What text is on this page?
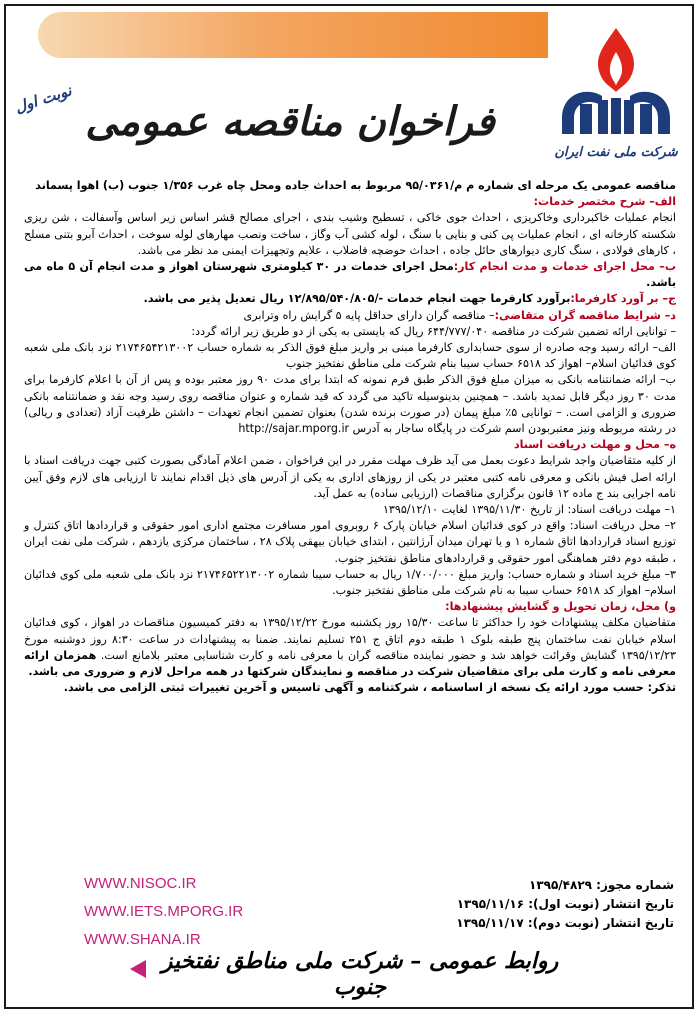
شرکت ملی نفت ایران
نوبت اول فراخوان مناقصه عمومی

مناقصه عمومی یک مرحله ای شماره م م/۹۵/۰۳۶۱ مربوط به احداث جاده ومحل چاه غرب ۱/۳۵۶ جنوب (ب) اهوا پسماند

الف– شرح مختصر خدمات:

انجام عملیات خاکبرداری وخاکریزی ، احداث جوی خاکی ، تسطیح وشیب بندی ، اجرای مصالح قشر اساس زیر اساس وآسفالت ، شن ریزی شکسته کارخانه ای ، انجام عملیات پی کنی و بنایی با سنگ ، لوله کشی آب وگاز ، ساخت ونصب مهارهای لوله سوخت ، احداث آبرو بتنی مسلح ، کارهای فولادی ، سنگ کاری دیوارهای حائل جاده ، احداث حوضچه فاضلاب ، علایم وتجهیزات ایمنی مد نظر می باشد.

ب– محل اجرای خدمات و مدت انجام کار:محل اجرای خدمات در ۳۰ کیلومتری شهرستان اهواز و مدت انجام آن ۵ ماه می باشد.

ج– بر آورد کارفرما:برآورد کارفرما جهت انجام خدمات -/۱۲/۸۹۵/۵۴۰/۸۰۵ ریال تعدیل پذیر می باشد.

د– شرایط مناقصه گران متقاضی:– مناقصه گران دارای حداقل پایه ۵ گرایش راه وترابری

– توانایی ارائه تضمین شرکت در مناقصه ۶۴۴/۷۷۷/۰۴۰ ریال که بایستی به یکی از دو طریق زیر ارائه گردد:

الف– ارائه رسید وجه صادره از سوی حسابداری کارفرما مبنی بر واریز مبلغ فوق الذکر به شماره حساب ۲۱۷۴۶۵۴۲۱۳۰۰۲ نزد بانک ملی شعبه کوی فدائیان اسلام– اهواز کد ۶۵۱۸ حساب سیبا بنام شرکت ملی مناطق نفتخیز جنوب

ب– ارائه ضمانتنامه بانکی به میزان مبلغ فوق الذکر طبق فرم نمونه که ابتدا برای مدت ۹۰ روز معتبر بوده و پس از آن با اعلام کارفرما برای مدت ۳۰ روز دیگر قابل تمدید باشد. – همچنین بدینوسیله تاکید می گردد که قید شماره و عنوان مناقصه روی رسید وجه نقد و ضمانتنامه بانکی ضروری و الزامی است. – توانایی ۵٪ مبلغ پیمان (در صورت برنده شدن) بعنوان تضمین انجام تعهدات – داشتن ظرفیت آزاد (تعدادی و ریالی) در رشته مربوطه ونیز معتبربودن اسم شرکت در پایگاه ساجار به آدرس http://sajar.mporg.ir

ه– محل و مهلت دریافت اسناد

از کلیه متقاضیان واجد شرایط دعوت بعمل می آید ظرف مهلت مقرر در این فراخوان ، ضمن اعلام آمادگی بصورت کتبی جهت دریافت اسناد با ارائه اصل فیش بانکی و معرفی نامه کتبی معتبر در یکی از روزهای اداری به یکی از آدرس های ذیل اقدام نمایند تا ارزیابی های لازم وفق آیین نامه اجرایی بند ج ماده ۱۲ قانون برگزاری مناقصات (ارزیابی ساده) به عمل آید.

۱– مهلت دریافت اسناد: از تاریخ ۱۳۹۵/۱۱/۳۰ لغایت ۱۳۹۵/۱۲/۱۰

۲– محل دریافت اسناد: واقع در کوی فدائیان اسلام خیابان پارک ۶ روبروی امور مسافرت مجتمع اداری امور حقوقی و قراردادها اتاق کنترل و توزیع اسناد قراردادها اتاق شماره ۱ و یا تهران میدان آرژانتین ، ابتدای خیابان بیهقی پلاک ۲۸ ، ساختمان مرکزی یازدهم ، شرکت ملی نفت ایران ، طبقه دوم دفتر هماهنگی امور حقوقی و قراردادهای مناطق نفتخیز جنوب.

۳– مبلغ خرید اسناد و شماره حساب: واریز مبلغ ۱/۷۰۰/۰۰۰ ریال به حساب سیبا شماره ۲۱۷۴۶۵۲۲۱۳۰۰۲ نزد بانک ملی شعبه ملی کوی فدائیان اسلام– اهواز کد ۶۵۱۸ حساب سیبا به نام شرکت ملی مناطق نفتخیز جنوب.

و) محل، زمان تحویل و گشایش پیشنهادها:

متقاضیان مکلف پیشنهادات خود را حداکثر تا ساعت ۱۵/۳۰ روز یکشنبه مورخ ۱۳۹۵/۱۲/۲۲ به دفتر کمیسیون مناقصات در اهواز ، کوی فدائیان اسلام خیابان نفت ساختمان پنج طبقه بلوک ۱ طبقه دوم اتاق ج ۲۵۱ تسلیم نمایند. ضمنا به پیشنهادات در ساعت ۸:۳۰ روز دوشنبه مورخ ۱۳۹۵/۱۲/۲۳ گشایش وقرائت خواهد شد و حضور نماینده مناقصه گران با معرفی نامه و کارت شناسایی معتبر بلامانع است. همزمان ارائه معرفی نامه و کارت ملی برای متقاضیان شرکت در مناقصه و نمایندگان شرکتها در همه مراحل لازم و ضروری می باشد.

تذکر: حسب مورد ارائه یک نسخه از اساسنامه ، شرکتنامه و آگهی تاسیس و آخرین تغییرات ثبتی الزامی می باشد.

شماره مجوز: ۱۳۹۵/۴۸۲۹
تاریخ انتشار (نوبت اول): ۱۳۹۵/۱۱/۱۶
تاریخ انتشار (نوبت دوم): ۱۳۹۵/۱۱/۱۷
WWW.NISOC.IR
WWW.IETS.MPORG.IR
WWW.SHANA.IR
روابط عمومی – شرکت ملی مناطق نفتخیز جنوب
